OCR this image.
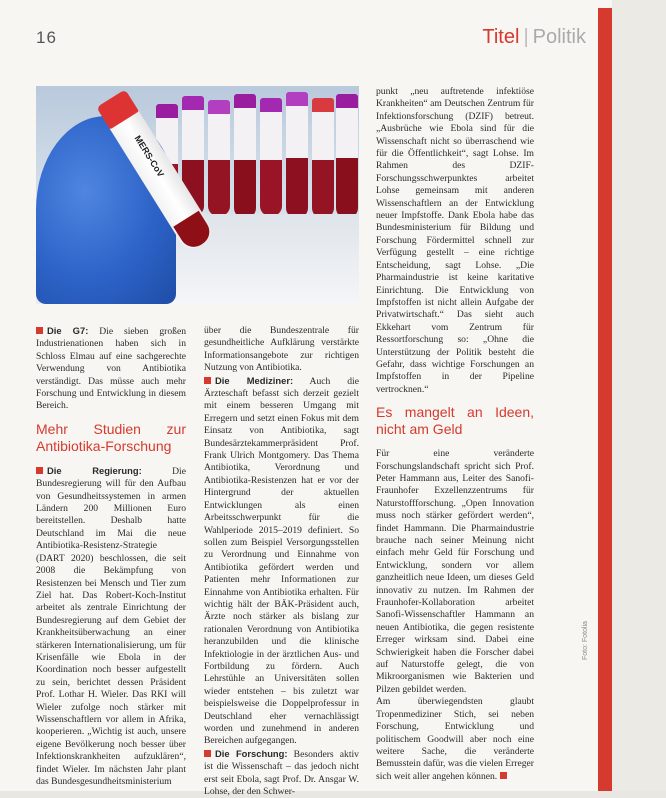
16	Titel | Politik
MERS-CoV

Die G7: Die sieben großen Industrienationen haben sich in Schloss Elmau auf eine sachgerechte Verwendung von Antibiotika verständigt. Das müsse auch mehr Forschung und Entwicklung in diesem Bereich.

Mehr Studien zur Antibiotika-Forschung

Die Regierung: Die Bundesregierung will für den Aufbau von Gesundheitssystemen in armen Ländern 200 Millionen Euro bereitstellen. Deshalb hatte Deutschland im Mai die neue Antibiotika-Resistenz-Strategie (DART 2020) beschlossen, die seit 2008 die Bekämpfung von Resistenzen bei Mensch und Tier zum Ziel hat. Das Robert-Koch-Institut arbeitet als zentrale Einrichtung der Bundesregierung auf dem Gebiet der Krankheitsüberwachung an einer stärkeren Internationalisierung, um für Krisenfälle wie Ebola in der Koordination noch besser aufgestellt zu sein, berichtet dessen Präsident Prof. Lothar H. Wieler. Das RKI will Wieler zufolge noch stärker mit Wissenschaftlern vor allem in Afrika, kooperieren. „Wichtig ist auch, unsere eigene Bevölkerung noch besser über Infektionskrankheiten aufzuklären“, findet Wieler. Im nächsten Jahr plant das Bundesgesundheitsministerium

über die Bundeszentrale für gesundheitliche Aufklärung verstärkte Informationsangebote zur richtigen Nutzung von Antibiotika.

Die Mediziner: Auch die Ärzteschaft befasst sich derzeit gezielt mit einem besseren Umgang mit Erregern und setzt einen Fokus mit dem Einsatz von Antibiotika, sagt Bundesärztekammerpräsident Prof. Frank Ulrich Montgomery. Das Thema Antibiotika, Verordnung und Antibiotika-Resistenzen hat er vor der Hintergrund der aktuellen Entwicklungen als einen Arbeitsschwerpunkt für die Wahlperiode 2015–2019 definiert. So sollen zum Beispiel Versorgungsstellen zu Verordnung und Einnahme von Antibiotika gefördert werden und Patienten mehr Informationen zur Einnahme von Antibiotika erhalten. Für wichtig hält der BÄK-Präsident auch, Ärzte noch stärker als bislang zur rationalen Verordnung von Antibiotika heranzubilden und die klinische Infektiologie in der ärztlichen Aus- und Fortbildung zu fördern. Auch Lehrstühle an Universitäten sollen wieder entstehen – bis zuletzt war beispielsweise die Doppelprofessur in Deutschland eher vernachlässigt worden und zunehmend in anderen Bereichen aufgegangen.

Die Forschung: Besonders aktiv ist die Wissenschaft – das jedoch nicht erst seit Ebola, sagt Prof. Dr. Ansgar W. Lohse, der den Schwer-

punkt „neu auftretende infektiöse Krankheiten“ am Deutschen Zentrum für Infektionsforschung (DZIF) betreut. „Ausbrüche wie Ebola sind für die Wissenschaft nicht so überraschend wie für die Öffentlichkeit“, sagt Lohse. Im Rahmen des DZIF-Forschungsschwerpunktes arbeitet Lohse gemeinsam mit anderen Wissenschaftlern an der Entwicklung neuer Impfstoffe. Dank Ebola habe das Bundesministerium für Bildung und Forschung Fördermittel schnell zur Verfügung gestellt – eine richtige Entscheidung, sagt Lohse. „Die Pharmaindustrie ist keine karitative Einrichtung. Die Entwicklung von Impfstoffen ist nicht allein Aufgabe der Privatwirtschaft.“ Das sieht auch Ekkehart vom Zentrum für Ressortforschung so: „Ohne die Unterstützung der Politik besteht die Gefahr, dass wichtige Forschungen an Impfstoffen in der Pipeline vertrocknen.“

Es mangelt an Ideen, nicht am Geld

Für eine veränderte Forschungslandschaft spricht sich Prof. Peter Hammann aus, Leiter des Sanofi-Fraunhofer Exzellenzzentrums für Naturstoffforschung. „Open Innovation muss noch stärker gefördert werden“, findet Hammann. Die Pharmaindustrie brauche nach seiner Meinung nicht einfach mehr Geld für Forschung und Entwicklung, sondern vor allem ganzheitlich neue Ideen, um dieses Geld innovativ zu nutzen. Im Rahmen der Fraunhofer-Kollaboration arbeitet Sanofi-Wissenschaftler Hammann an neuen Antibiotika, die gegen resistente Erreger wirksam sind. Dabei eine Schwierigkeit haben die Forscher dabei auf Naturstoffe gelegt, die von Mikroorganismen wie Bakterien und Pilzen gebildet werden.

Am überwiegendsten glaubt Tropenmediziner Stich, sei neben Forschung, Entwicklung und politischem Goodwill aber noch eine weitere Sache, die veränderte Bemusstein dafür, was die vielen Erreger sich weit aller angehen können.

Foto: Fotolia
